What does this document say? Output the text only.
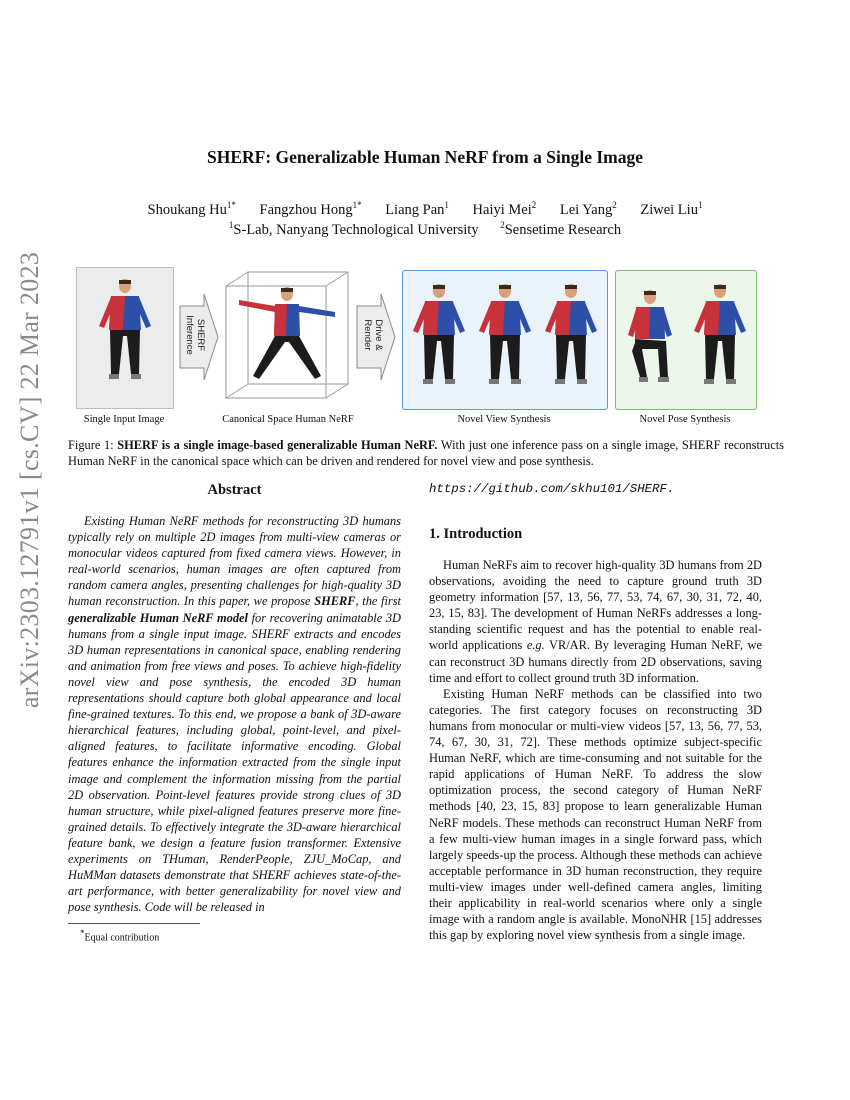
arXiv:2303.12791v1 [cs.CV] 22 Mar 2023
SHERF: Generalizable Human NeRF from a Single Image
Shoukang $Hu^{1*}$ Fangzhou Hong$^{1*}$ Liang Pan$^1$ Haiyi Mei$^2$ Lei Yang$^2$ Ziwei Liu$^1$
$^1$S-Lab, Nanyang Technological University $^2$Sensetime Research
SHERF
Inference	Drive &
Render
Single Input Image	Canonical Space Human NeRF	Novel View Synthesis	Novel Pose Synthesis
Figure 1: SHERF is a single image-based generalizable Human NeRF. With just one inference pass on a single image, SHERF reconstructs Human NeRF in the canonical space which can be driven and rendered for novel view and pose synthesis.
Abstract

Existing Human NeRF methods for reconstructing 3D humans typically rely on multiple 2D images from multi-view cameras or monocular videos captured from fixed camera views. However, in real-world scenarios, human images are often captured from random camera angles, presenting challenges for high-quality 3D human reconstruction. In this paper, we propose SHERF, the first generalizable Human NeRF model for recovering animatable 3D humans from a single input image. SHERF extracts and encodes 3D human representations in canonical space, enabling rendering and animation from free views and poses. To achieve high-fidelity novel view and pose synthesis, the encoded 3D human representations should capture both global appearance and local fine-grained textures. To this end, we propose a bank of 3D-aware hierarchical features, including global, point-level, and pixel-aligned features, to facilitate informative encoding. Global features enhance the information extracted from the single input image and complement the information missing from the partial 2D observation. Point-level features provide strong clues of 3D human structure, while pixel-aligned features preserve more fine-grained details. To effectively integrate the 3D-aware hierarchical feature bank, we design a feature fusion transformer. Extensive experiments on THuman, RenderPeople, ZJU_MoCap, and HuMMan datasets demonstrate that SHERF achieves state-of-the-art performance, with better generalizability for novel view and pose synthesis. Code will be released in

*Equal contribution

https://github.com/skhu101/SHERF.

1. Introduction

Human NeRFs aim to recover high-quality 3D humans from 2D observations, avoiding the need to capture ground truth 3D geometry information [57, 13, 56, 77, 53, 74, 67, 30, 31, 72, 40, 23, 15, 83]. The development of Human NeRFs addresses a long-standing scientific request and has the potential to enable real-world applications e.g. VR/AR. By leveraging Human NeRF, we can reconstruct 3D humans directly from 2D observations, saving time and effort to collect ground truth 3D information.

Existing Human NeRF methods can be classified into two categories. The first category focuses on reconstructing 3D humans from monocular or multi-view videos [57, 13, 56, 77, 53, 74, 67, 30, 31, 72]. These methods optimize subject-specific Human NeRF, which are time-consuming and not suitable for the rapid applications of Human NeRF. To address the slow optimization process, the second category of Human NeRF methods [40, 23, 15, 83] propose to learn generalizable Human NeRF models. These methods can reconstruct Human NeRF from a few multi-view human images in a single forward pass, which largely speeds-up the process. Although these methods can achieve acceptable performance in 3D human reconstruction, they require multi-view images under well-defined camera angles, limiting their applicability in real-world scenarios where only a single image with a random angle is available. MonoNHR [15] addresses this gap by exploring novel view synthesis from a single image.
